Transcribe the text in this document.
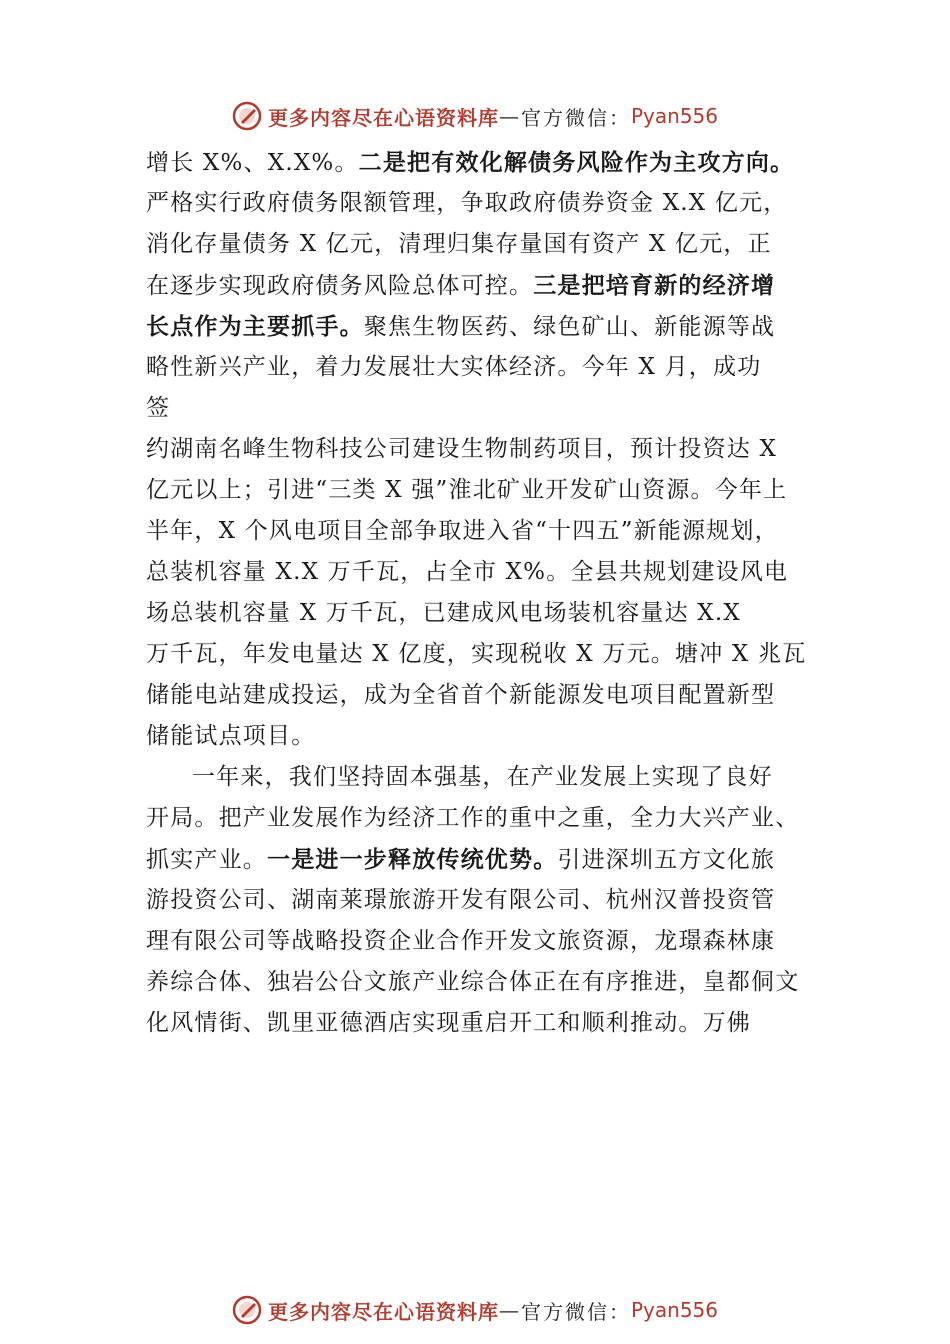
更多内容尽在心语资料库 — 官方微信： Pyan556
增长 X%、X.X%。二是把有效化解债务风险作为主攻方向。
严格实行政府债务限额管理，争取政府债券资金 X.X 亿元，
消化存量债务 X 亿元，清理归集存量国有资产 X 亿元，正
在逐步实现政府债务风险总体可控。三是把培育新的经济增
长点作为主要抓手。聚焦生物医药、绿色矿山、新能源等战
略性新兴产业，着力发展壮大实体经济。今年 X 月，成功
签
约湖南名峰生物科技公司建设生物制药项目，预计投资达 X
亿元以上；引进“三类 X 强”淮北矿业开发矿山资源。今年上
半年，X 个风电项目全部争取进入省“十四五”新能源规划，
总装机容量 X.X 万千瓦，占全市 X%。全县共规划建设风电
场总装机容量 X 万千瓦，已建成风电场装机容量达 X.X
万千瓦，年发电量达 X 亿度，实现税收 X 万元。塘冲 X 兆瓦
储能电站建成投运，成为全省首个新能源发电项目配置新型
储能试点项目。
一年来，我们坚持固本强基，在产业发展上实现了良好
开局。把产业发展作为经济工作的重中之重，全力大兴产业、
抓实产业。一是进一步释放传统优势。引进深圳五方文化旅
游投资公司、湖南莱璟旅游开发有限公司、杭州汉普投资管
理有限公司等战略投资企业合作开发文旅资源，龙璟森林康
养综合体、独岩公㕣文旅产业综合体正在有序推进，皇都侗文
化风情街、凯里亚德酒店实现重启开工和顺利推动。万佛
更多内容尽在心语资料库 — 官方微信： Pyan556
